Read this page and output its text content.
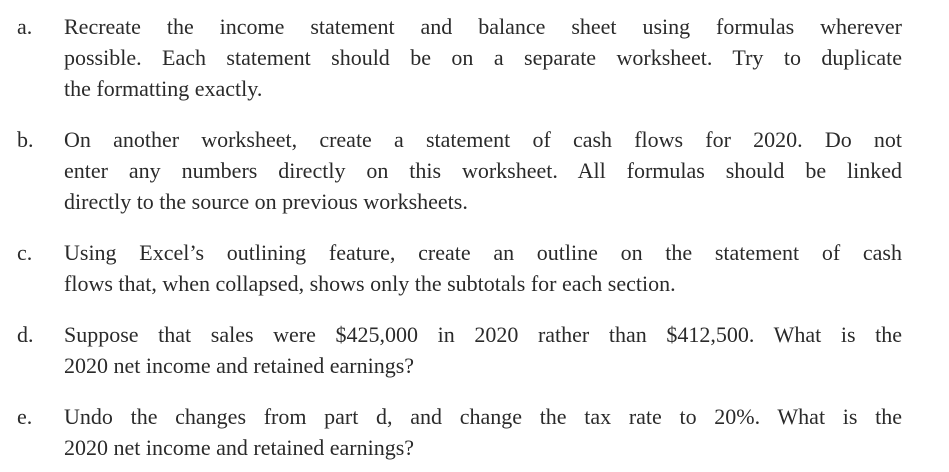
a. Recreate the income statement and balance sheet using formulas wherever
possible. Each statement should be on a separate worksheet. Try to duplicate
the formatting exactly.
b. On another worksheet, create a statement of cash flows for 2020. Do not
enter any numbers directly on this worksheet. All formulas should be linked
directly to the source on previous worksheets.
c. Using Excel’s outlining feature, create an outline on the statement of cash
flows that, when collapsed, shows only the subtotals for each section.
d. Suppose that sales were $425,000 in 2020 rather than $412,500. What is the
2020 net income and retained earnings?
e. Undo the changes from part d, and change the tax rate to 20%. What is the
2020 net income and retained earnings?
